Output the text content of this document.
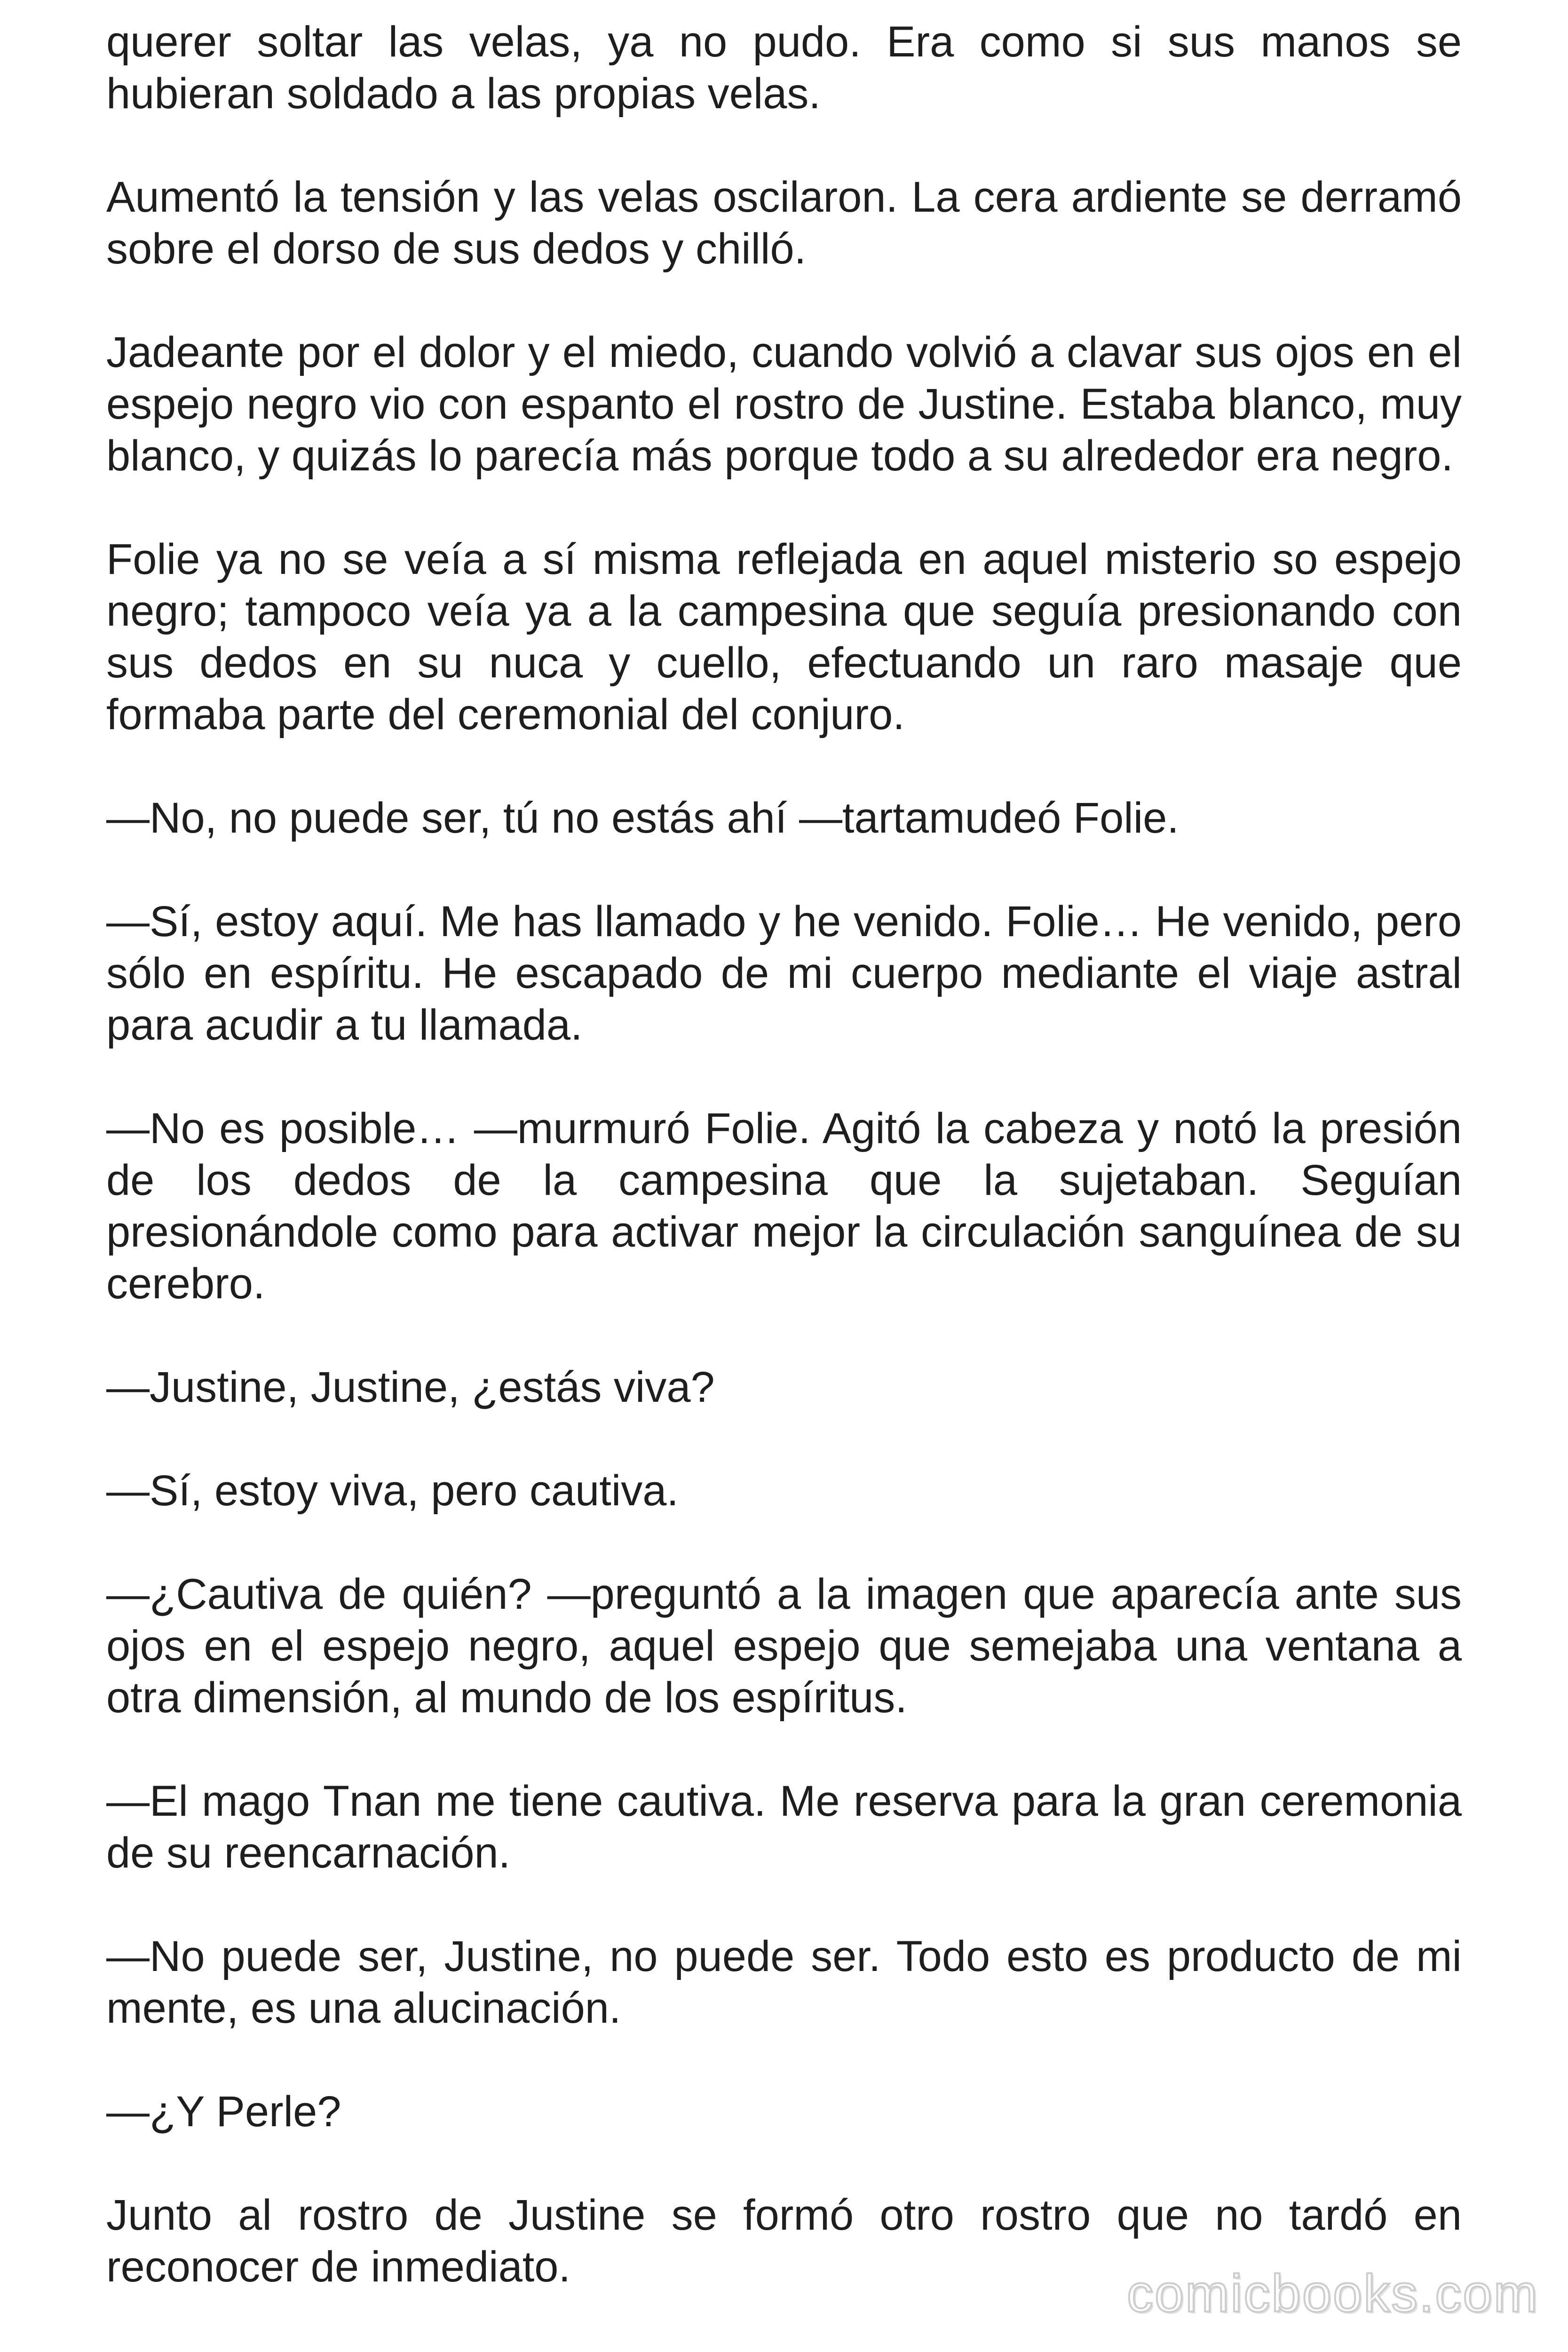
querer soltar las velas, ya no pudo. Era como si sus manos se hubieran soldado a las propias velas.

Aumentó la tensión y las velas oscilaron. La cera ardiente se derramó sobre el dorso de sus dedos y chilló.

Jadeante por el dolor y el miedo, cuando volvió a clavar sus ojos en el espejo negro vio con espanto el rostro de Justine. Estaba blanco, muy blanco, y quizás lo parecía más porque todo a su alrededor era negro.

Folie ya no se veía a sí misma reflejada en aquel misterio so espejo negro; tampoco veía ya a la campesina que seguía presionando con sus dedos en su nuca y cuello, efectuando un raro masaje que formaba parte del ceremonial del conjuro.

—No, no puede ser, tú no estás ahí —tartamudeó Folie.

—Sí, estoy aquí. Me has llamado y he venido. Folie… He venido, pero sólo en espíritu. He escapado de mi cuerpo mediante el viaje astral para acudir a tu llamada.

—No es posible… —murmuró Folie. Agitó la cabeza y notó la presión de los dedos de la campesina que la sujetaban. Seguían presionándole como para activar mejor la circulación sanguínea de su cerebro.

—Justine, Justine, ¿estás viva?

—Sí, estoy viva, pero cautiva.

—¿Cautiva de quién? —preguntó a la imagen que aparecía ante sus ojos en el espejo negro, aquel espejo que semejaba una ventana a otra dimensión, al mundo de los espíritus.

—El mago Tnan me tiene cautiva. Me reserva para la gran ceremonia de su reencarnación.

—No puede ser, Justine, no puede ser. Todo esto es producto de mi mente, es una alucinación.

—¿Y Perle?

Junto al rostro de Justine se formó otro rostro que no tardó en reconocer de inmediato.	comicbooks.com
